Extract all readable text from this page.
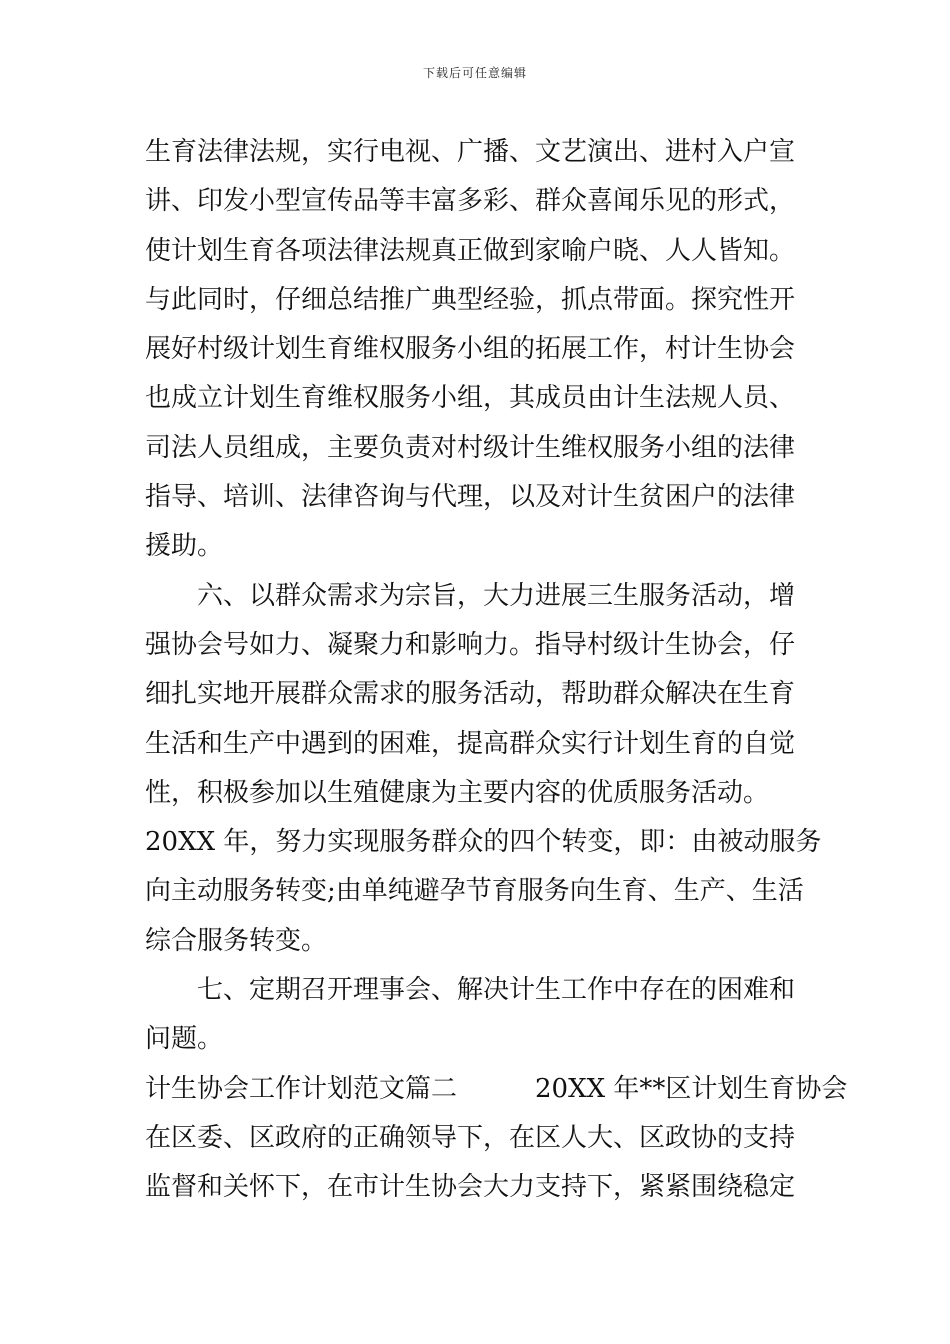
下载后可任意编辑
生育法律法规，实行电视、广播、文艺演出、进村入户宣
讲、印发小型宣传品等丰富多彩、群众喜闻乐见的形式，
使计划生育各项法律法规真正做到家喻户晓、人人皆知。
与此同时，仔细总结推广典型经验，抓点带面。探究性开
展好村级计划生育维权服务小组的拓展工作，村计生协会
也成立计划生育维权服务小组，其成员由计生法规人员、
司法人员组成，主要负责对村级计生维权服务小组的法律
指导、培训、法律咨询与代理，以及对计生贫困户的法律
援助。
六、以群众需求为宗旨，大力进展三生服务活动，增
强协会号如力、凝聚力和影响力。指导村级计生协会，仔
细扎实地开展群众需求的服务活动，帮助群众解决在生育
生活和生产中遇到的困难，提高群众实行计划生育的自觉
性，积极参加以生殖健康为主要内容的优质服务活动。
20XX 年，努力实现服务群众的四个转变，即：由被动服务
向主动服务转变;由单纯避孕节育服务向生育、生产、生活
综合服务转变。
七、定期召开理事会、解决计生工作中存在的困难和
问题。
计生协会工作计划范文篇二　　　20XX 年**区计划生育协会
在区委、区政府的正确领导下，在区人大、区政协的支持
监督和关怀下，在市计生协会大力支持下，紧紧围绕稳定
